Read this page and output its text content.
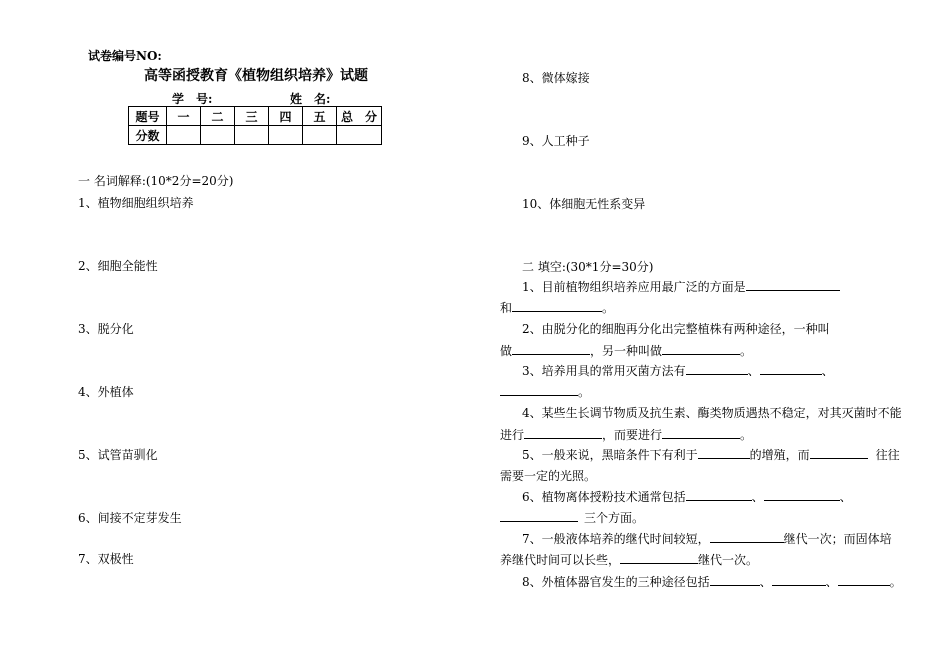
试卷编号NO:
高等函授教育《植物组织培养》试题
学　号:	姓　名:
题号	一	二	三	四	五	总　分
分数						
一 名词解释:(10*2分=20分)
1、植物细胞组织培养
2、细胞全能性
3、脱分化
4、外植体
5、试管苗驯化
6、间接不定芽发生
7、双极性
8、微体嫁接
9、人工种子
10、体细胞无性系变异
二 填空:(30*1分=30分)
1、目前植物组织培养应用最广泛的方面是
和	。
2、由脱分化的细胞再分化出完整植株有两种途径，一种叫
做	，另一种叫做	。
3、培养用具的常用灭菌方法有	、	、
。
4、某些生长调节物质及抗生素、酶类物质遇热不稳定，对其灭菌时不能
进行	，而要进行	。
5、一般来说，黑暗条件下有利于	的增殖，而	往往
需要一定的光照。
6、植物离体授粉技术通常包括	、	、
三个方面。
7、一般液体培养的继代时间较短，	继代一次；而固体培
养继代时间可以长些，	继代一次。
8、外植体器官发生的三种途径包括	、	、	。
